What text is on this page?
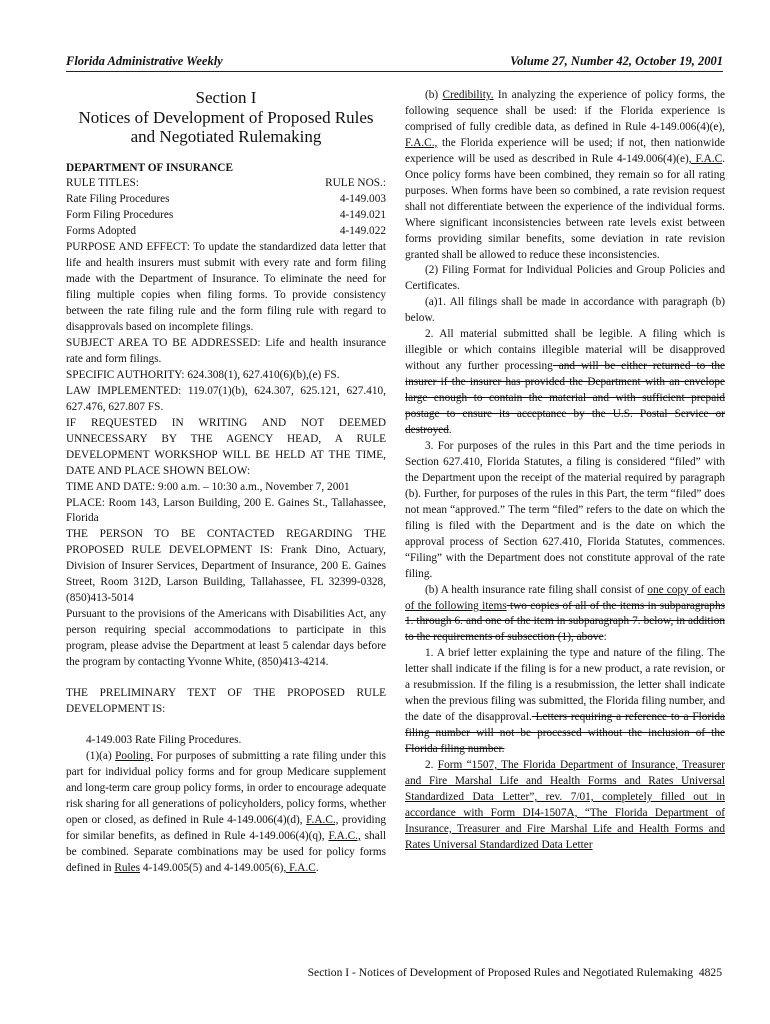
Florida Administrative Weekly	Volume 27, Number 42, October 19, 2001
Section I
Notices of Development of Proposed Rules
and Negotiated Rulemaking

DEPARTMENT OF INSURANCE

RULE TITLES:	RULE NOS.:
Rate Filing Procedures	4-149.003
Form Filing Procedures	4-149.021
Forms Adopted	4-149.022

PURPOSE AND EFFECT: To update the standardized data letter that life and health insurers must submit with every rate and form filing made with the Department of Insurance. To eliminate the need for filing multiple copies when filing forms. To provide consistency between the rate filing rule and the form filing rule with regard to disapprovals based on incomplete filings.

SUBJECT AREA TO BE ADDRESSED: Life and health insurance rate and form filings.

SPECIFIC AUTHORITY: 624.308(1), 627.410(6)(b),(e) FS.

LAW IMPLEMENTED: 119.07(1)(b), 624.307, 625.121, 627.410, 627.476, 627.807 FS.

IF REQUESTED IN WRITING AND NOT DEEMED UNNECESSARY BY THE AGENCY HEAD, A RULE DEVELOPMENT WORKSHOP WILL BE HELD AT THE TIME, DATE AND PLACE SHOWN BELOW:

TIME AND DATE: 9:00 a.m. – 10:30 a.m., November 7, 2001

PLACE: Room 143, Larson Building, 200 E. Gaines St., Tallahassee, Florida

THE PERSON TO BE CONTACTED REGARDING THE PROPOSED RULE DEVELOPMENT IS: Frank Dino, Actuary, Division of Insurer Services, Department of Insurance, 200 E. Gaines Street, Room 312D, Larson Building, Tallahassee, FL 32399-0328, (850)413-5014

Pursuant to the provisions of the Americans with Disabilities Act, any person requiring special accommodations to participate in this program, please advise the Department at least 5 calendar days before the program by contacting Yvonne White, (850)413-4214.

THE PRELIMINARY TEXT OF THE PROPOSED RULE DEVELOPMENT IS:

4-149.003 Rate Filing Procedures.

(1)(a) Pooling. For purposes of submitting a rate filing under this part for individual policy forms and for group Medicare supplement and long-term care group policy forms, in order to encourage adequate risk sharing for all generations of policyholders, policy forms, whether open or closed, as defined in Rule 4-149.006(4)(d), F.A.C., providing for similar benefits, as defined in Rule 4-149.006(4)(q), F.A.C., shall be combined. Separate combinations may be used for policy forms defined in Rules 4-149.005(5) and 4-149.005(6), F.A.C.

(b) Credibility. In analyzing the experience of policy forms, the following sequence shall be used: if the Florida experience is comprised of fully credible data, as defined in Rule 4-149.006(4)(e), F.A.C., the Florida experience will be used; if not, then nationwide experience will be used as described in Rule 4-149.006(4)(e), F.A.C. Once policy forms have been combined, they remain so for all rating purposes. When forms have been so combined, a rate revision request shall not differentiate between the experience of the individual forms. Where significant inconsistencies between rate levels exist between forms providing similar benefits, some deviation in rate revision granted shall be allowed to reduce these inconsistencies.

(2) Filing Format for Individual Policies and Group Policies and Certificates.

(a)1. All filings shall be made in accordance with paragraph (b) below.

2. All material submitted shall be legible. A filing which is illegible or which contains illegible material will be disapproved without any further processing and will be either returned to the insurer if the insurer has provided the Department with an envelope large enough to contain the material and with sufficient prepaid postage to ensure its acceptance by the U.S. Postal Service or destroyed.

3. For purposes of the rules in this Part and the time periods in Section 627.410, Florida Statutes, a filing is considered “filed” with the Department upon the receipt of the material required by paragraph (b). Further, for purposes of the rules in this Part, the term “filed” does not mean “approved.” The term “filed” refers to the date on which the filing is filed with the Department and is the date on which the approval process of Section 627.410, Florida Statutes, commences. “Filing” with the Department does not constitute approval of the rate filing.

(b) A health insurance rate filing shall consist of one copy of each of the following items two copies of all of the items in subparagraphs 1. through 6. and one of the item in subparagraph 7. below, in addition to the requirements of subsection (1), above:

1. A brief letter explaining the type and nature of the filing. The letter shall indicate if the filing is for a new product, a rate revision, or a resubmission. If the filing is a resubmission, the letter shall indicate when the previous filing was submitted, the Florida filing number, and the date of the disapproval. Letters requiring a reference to a Florida filing number will not be processed without the inclusion of the Florida filing number.

2. Form “1507, The Florida Department of Insurance, Treasurer and Fire Marshal Life and Health Forms and Rates Universal Standardized Data Letter”, rev. 7/01, completely filled out in accordance with Form DI4-1507A, “The Florida Department of Insurance, Treasurer and Fire Marshal Life and Health Forms and Rates Universal Standardized Data Letter

Section I - Notices of Development of Proposed Rules and Negotiated Rulemaking 4825
